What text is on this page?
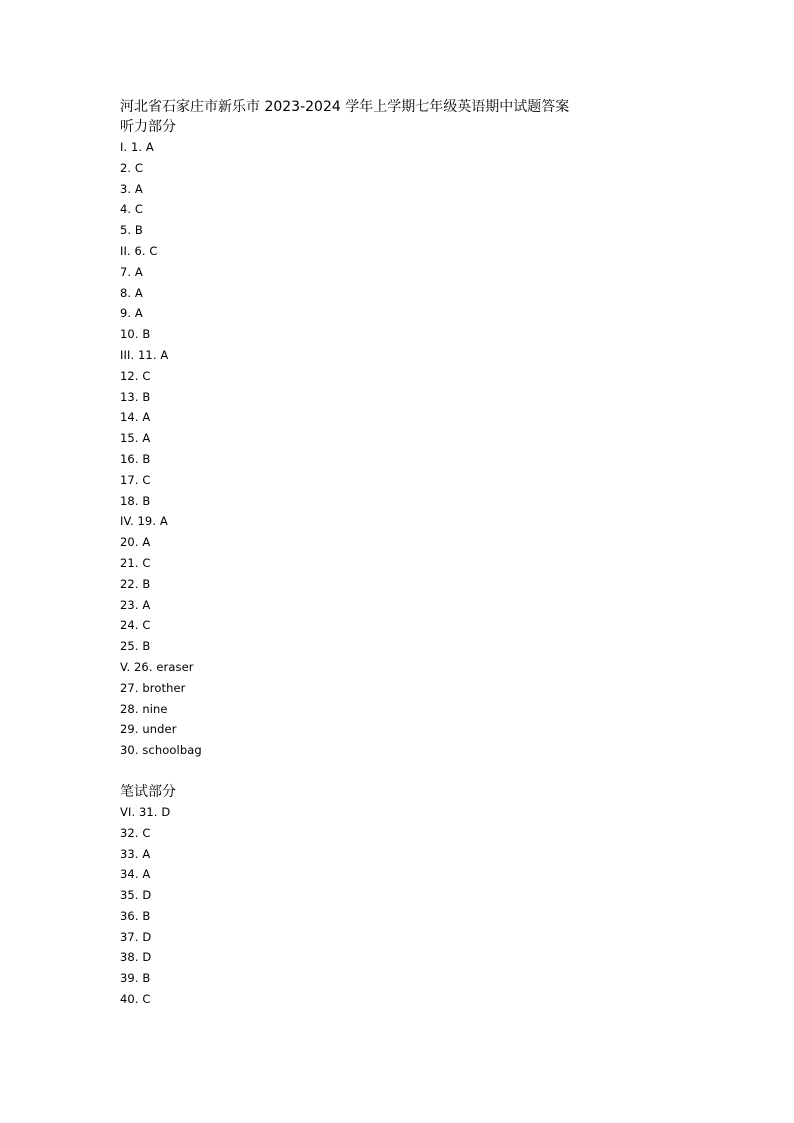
河北省石家庄市新乐市 2023-2024 学年上学期七年级英语期中试题答案
听力部分
I. 1. A
2. C
3. A
4. C
5. B
II. 6. C
7. A
8. A
9. A
10. B
III. 11. A
12. C
13. B
14. A
15. A
16. B
17. C
18. B
IV. 19. A
20. A
21. C
22. B
23. A
24. C
25. B
V. 26. eraser
27. brother
28. nine
29. under
30. schoolbag
笔试部分
VI. 31. D
32. C
33. A
34. A
35. D
36. B
37. D
38. D
39. B
40. C
